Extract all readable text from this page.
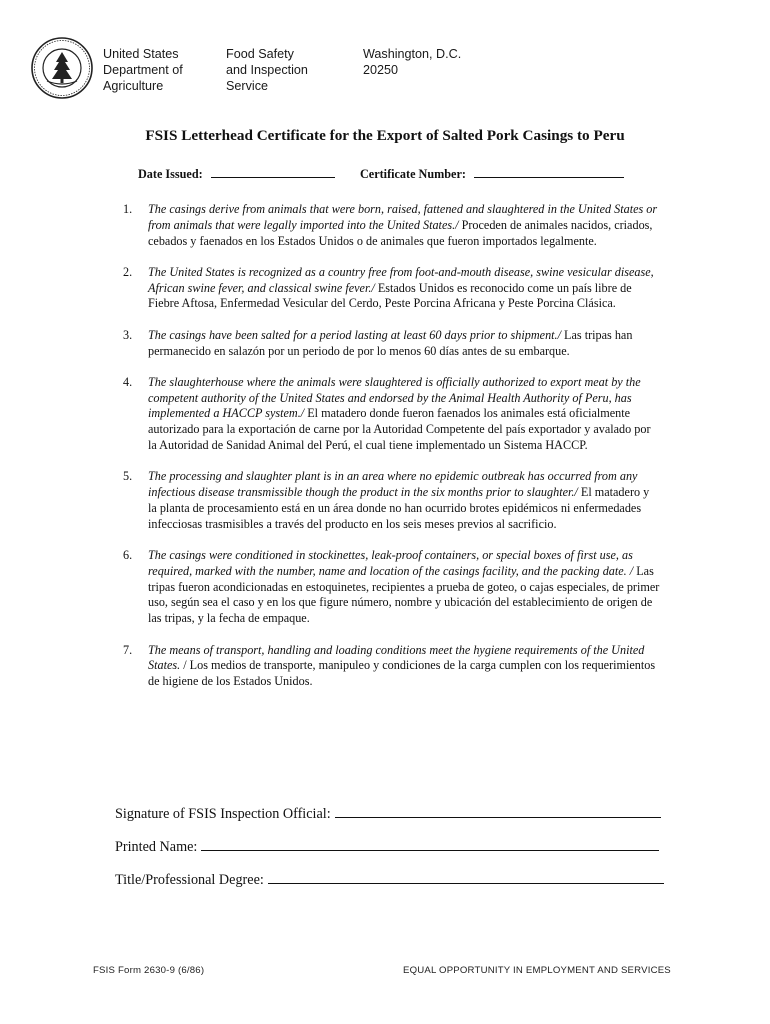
United States
Department of
Agriculture
Food Safety
and Inspection
Service
Washington, D.C.
20250
FSIS Letterhead Certificate for the Export of Salted Pork Casings to Peru
Date Issued:	Certificate Number:
1. The casings derive from animals that were born, raised, fattened and slaughtered in the United States or from animals that were legally imported into the United States./ Proceden de animales nacidos, criados, cebados y faenados en los Estados Unidos o de animales que fueron importados legalmente.
2. The United States is recognized as a country free from foot-and-mouth disease, swine vesicular disease, African swine fever, and classical swine fever./ Estados Unidos es reconocido come un país libre de Fiebre Aftosa, Enfermedad Vesicular del Cerdo, Peste Porcina Africana y Peste Porcina Clásica.
3. The casings have been salted for a period lasting at least 60 days prior to shipment./ Las tripas han permanecido en salazón por un periodo de por lo menos 60 días antes de su embarque.
4. The slaughterhouse where the animals were slaughtered is officially authorized to export meat by the competent authority of the United States and endorsed by the Animal Health Authority of Peru, has implemented a HACCP system./ El matadero donde fueron faenados los animales está oficialmente autorizado para la exportación de carne por la Autoridad Competente del país exportador y avalado por la Autoridad de Sanidad Animal del Perú, el cual tiene implementado un Sistema HACCP.
5. The processing and slaughter plant is in an area where no epidemic outbreak has occurred from any infectious disease transmissible though the product in the six months prior to slaughter./ El matadero y la planta de procesamiento está en un área donde no han ocurrido brotes epidémicos ni enfermedades infecciosas trasmisibles a través del producto en los seis meses previos al sacrificio.
6. The casings were conditioned in stockinettes, leak-proof containers, or special boxes of first use, as required, marked with the number, name and location of the casings facility, and the packing date. / Las tripas fueron acondicionadas en estoquinetes, recipientes a prueba de goteo, o cajas especiales, de primer uso, según sea el caso y en los que figure número, nombre y ubicación del establecimiento de origen de las tripas, y la fecha de empaque.
7. The means of transport, handling and loading conditions meet the hygiene requirements of the United States. / Los medios de transporte, manipuleo y condiciones de la carga cumplen con los requerimientos de higiene de los Estados Unidos.
Signature of FSIS Inspection Official:
Printed Name:
Title/Professional Degree:
FSIS Form 2630-9 (6/86)	EQUAL OPPORTUNITY IN EMPLOYMENT AND SERVICES
